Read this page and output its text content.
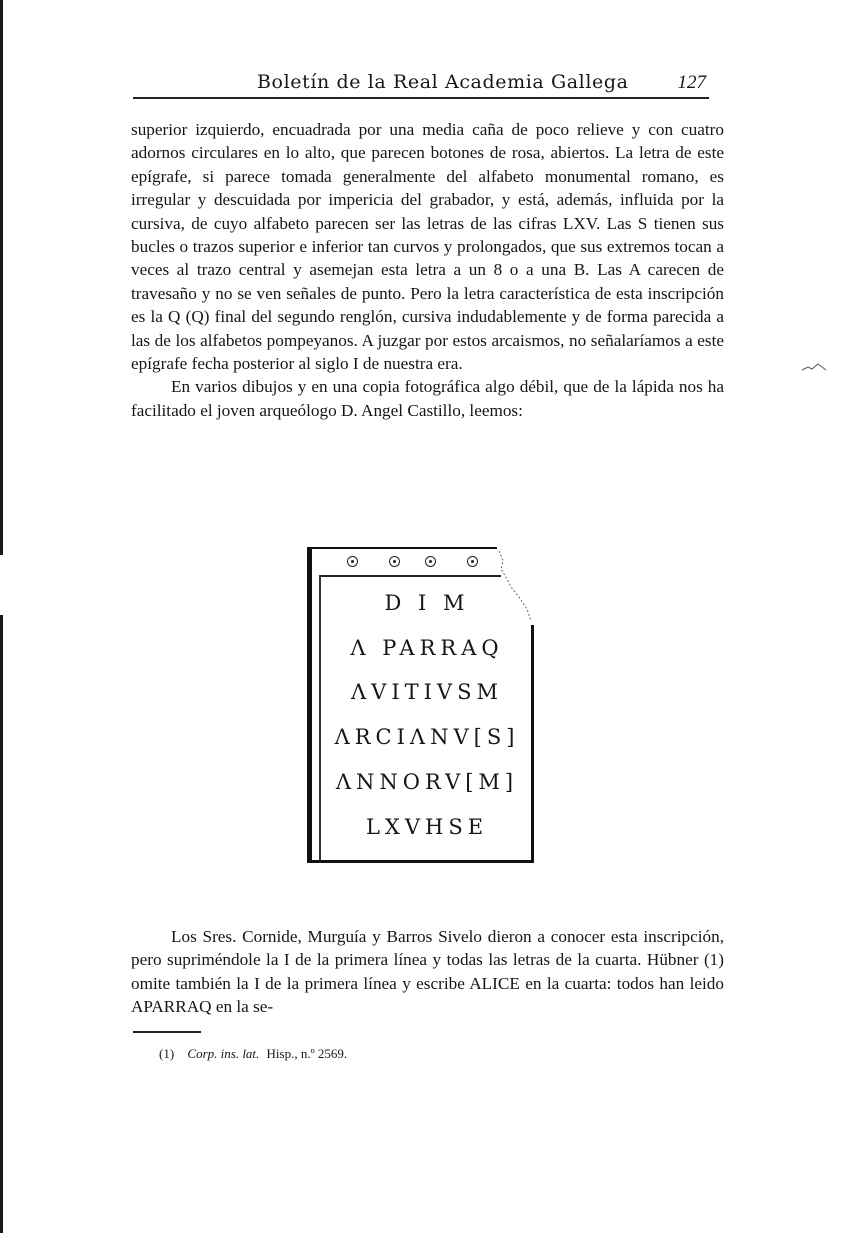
Boletín de la Real Academia Gallega	127

superior izquierdo, encuadrada por una media caña de poco relieve y con cuatro adornos circulares en lo alto, que parecen botones de rosa, abiertos. La letra de este epígrafe, si parece tomada generalmente del alfabeto monumental romano, es irregular y descuidada por impericia del grabador, y está, además, influida por la cursiva, de cuyo alfabeto parecen ser las letras de las cifras LXV. Las S tienen sus bucles o trazos superior e inferior tan curvos y prolongados, que sus extremos tocan a veces al trazo central y asemejan esta letra a un 8 o a una B. Las A carecen de travesaño y no se ven señales de punto. Pero la letra característica de esta inscripción es la Q (Q) final del segundo renglón, cursiva indudablemente y de forma parecida a las de los alfabetos pompeyanos. A juzgar por estos arcaismos, no señalaríamos a este epígrafe fecha posterior al siglo I de nuestra era.

En varios dibujos y en una copia fotográfica algo débil, que de la lápida nos ha facilitado el joven arqueólogo D. Angel Castillo, leemos:

D I M
Λ PARRAQ
ΛVITIVSM
ΛRCIΛNV[S]
ΛNNORV[M]
LXVHSE

Los Sres. Cornide, Murguía y Barros Sivelo dieron a conocer esta inscripción, pero supriméndole la I de la primera línea y todas las letras de la cuarta. Hübner (1) omite también la I de la primera línea y escribe ALICE en la cuarta: todos han leido APARRAQ en la se-

(1) Corp. ins. lat. Hisp., n.º 2569.
